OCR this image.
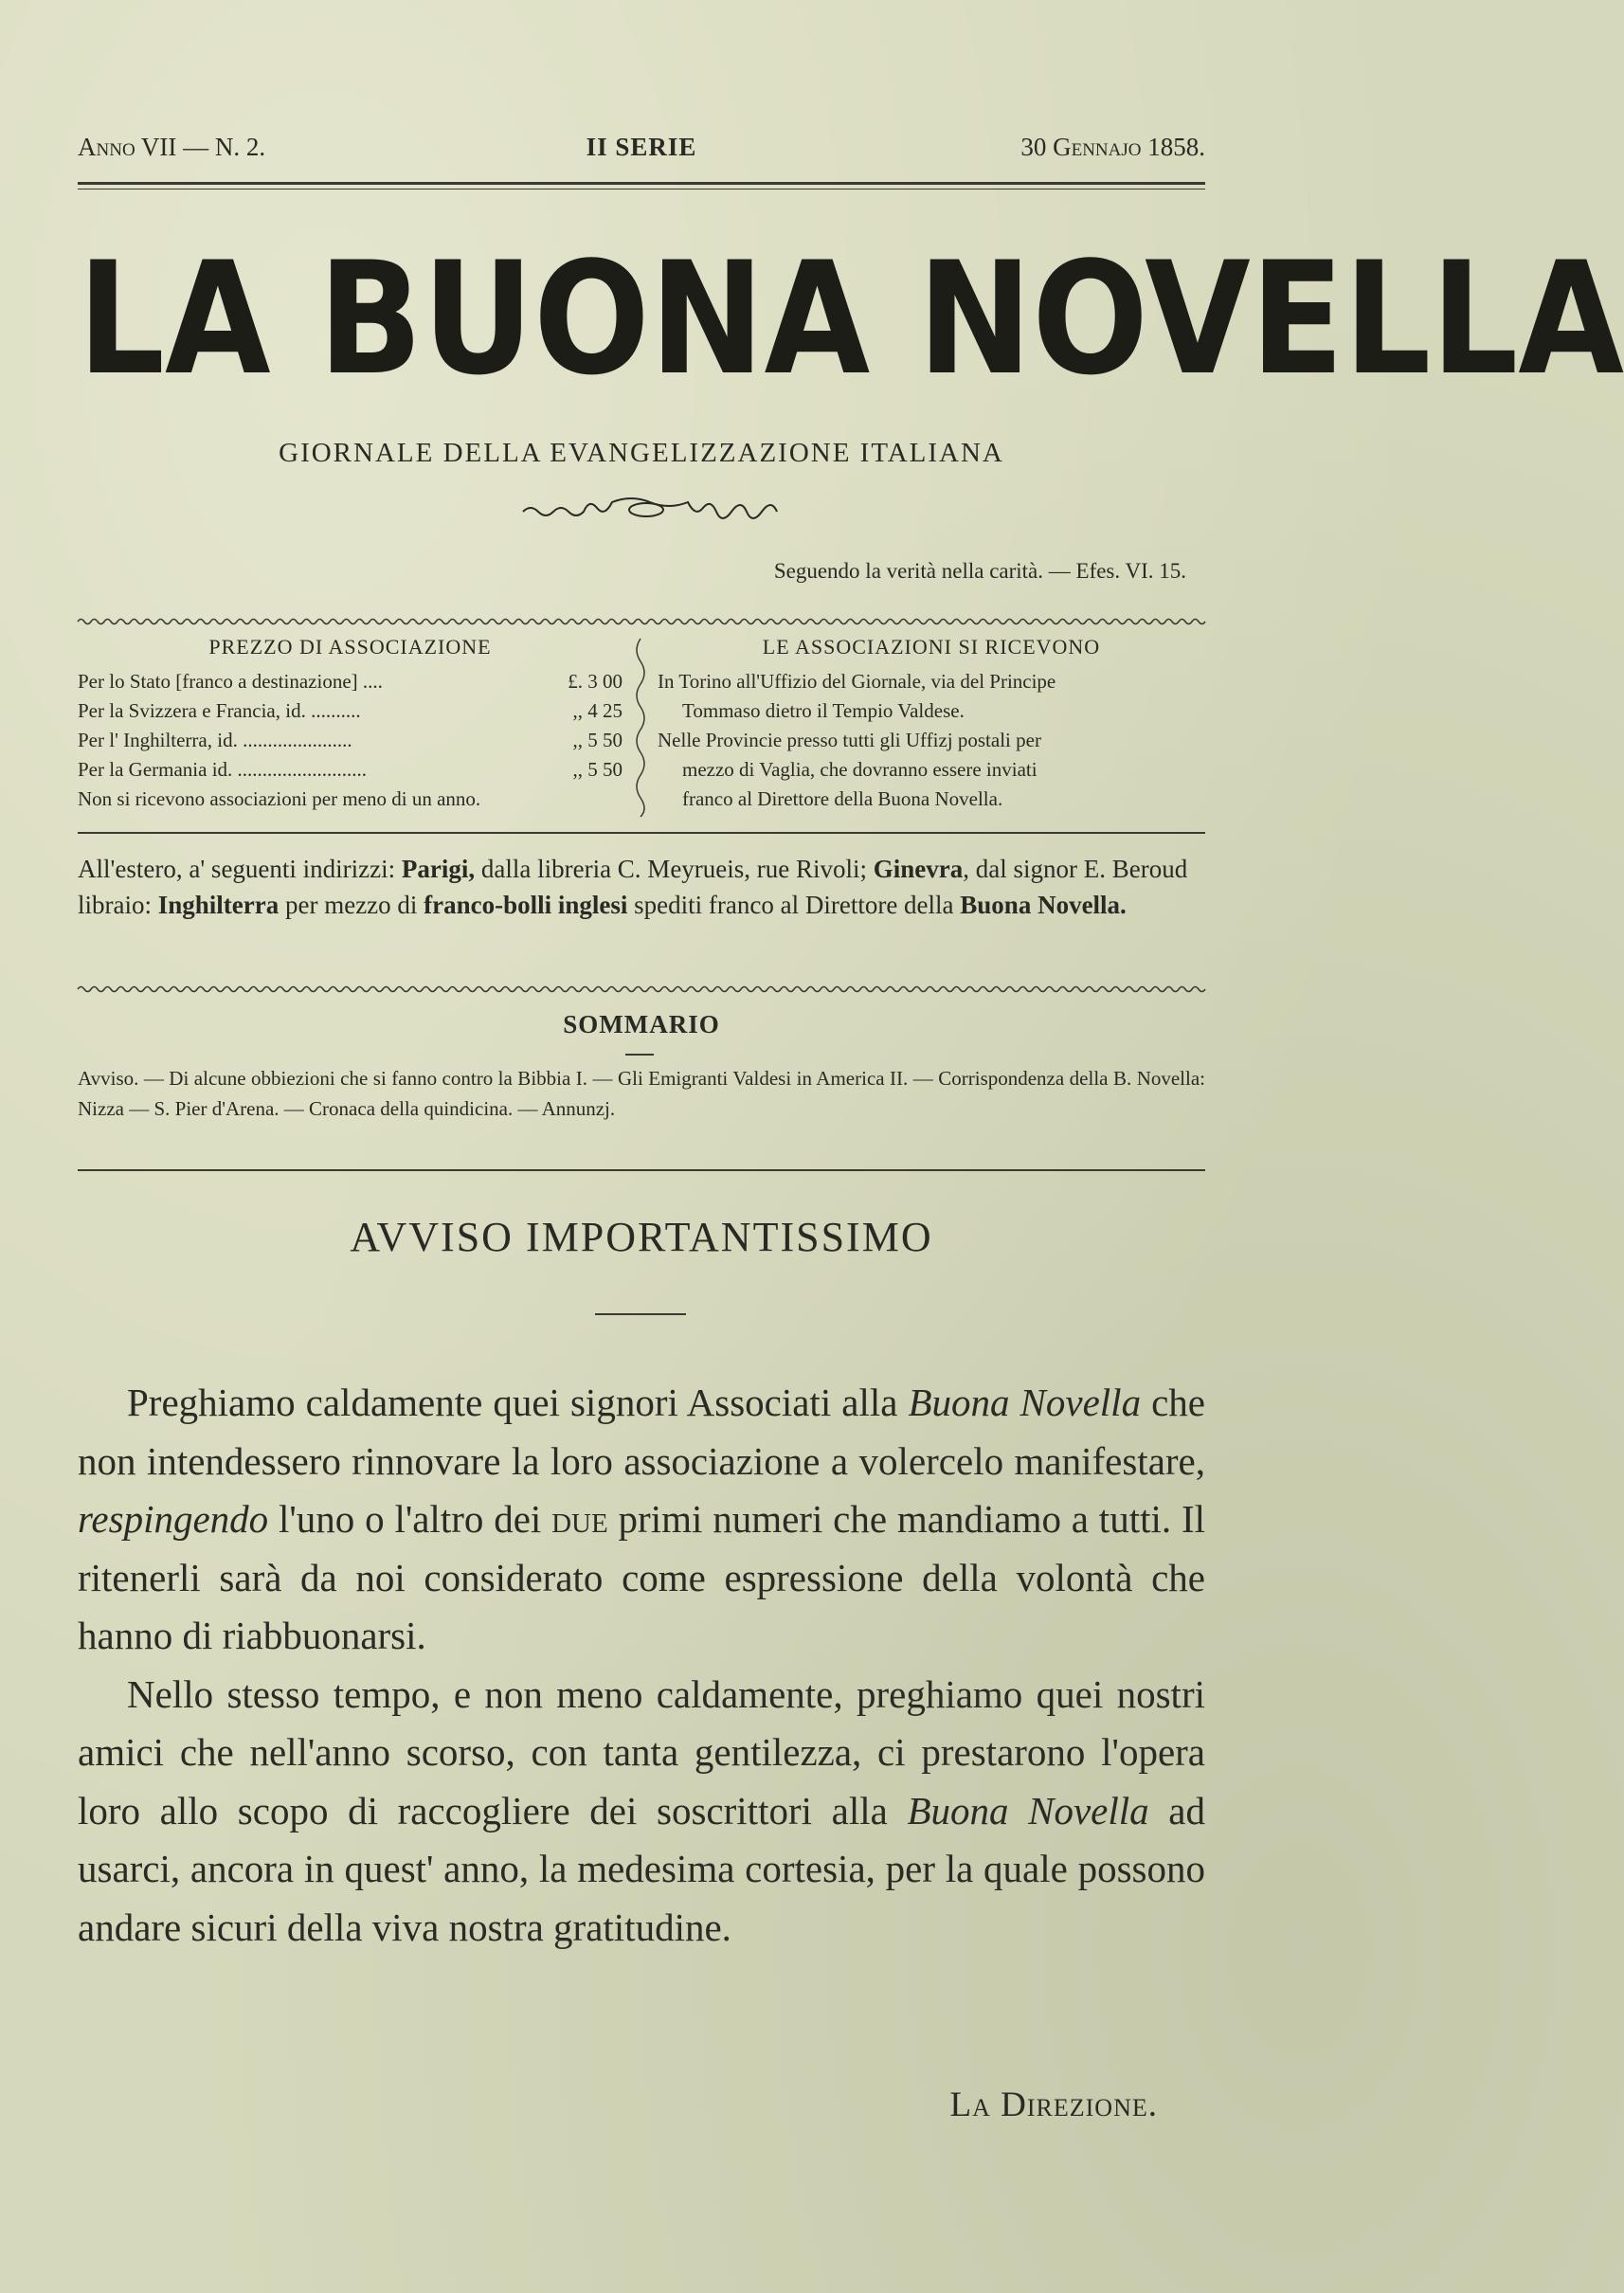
Anno VII — N. 2.	II SERIE	30 Gennajo 1858.
LA BUONA NOVELLA
GIORNALE DELLA EVANGELIZZAZIONE ITALIANA
Seguendo la verità nella carità. — Efes. VI. 15.
PREZZO DI ASSOCIAZIONE
Per lo Stato [franco a destinazione] ....	£. 3 00
Per la Svizzera e Francia, id. ..........	,, 4 25
Per l' Inghilterra, id. ......................	,, 5 50
Per la Germania id. ..........................	,, 5 50
Non si ricevono associazioni per meno di un anno.
LE ASSOCIAZIONI SI RICEVONO
In Torino all'Uffizio del Giornale, via del Principe
Tommaso dietro il Tempio Valdese.
Nelle Provincie presso tutti gli Uffizj postali per
mezzo di Vaglia, che dovranno essere inviati
franco al Direttore della Buona Novella.
All'estero, a' seguenti indirizzi: Parigi, dalla libreria C. Meyrueis, rue Rivoli; Ginevra, dal signor E. Beroud libraio: Inghilterra per mezzo di franco-bolli inglesi spediti franco al Direttore della Buona Novella.
SOMMARIO
Avviso. — Di alcune obbiezioni che si fanno contro la Bibbia I. — Gli Emigranti Valdesi in America II. — Corrispondenza della B. Novella: Nizza — S. Pier d'Arena. — Cronaca della quindicina. — Annunzj.
AVVISO IMPORTANTISSIMO

Preghiamo caldamente quei signori Associati alla Buona Novella che non intendessero rinnovare la loro associazione a volercelo manifestare, respingendo l'uno o l'altro dei due primi numeri che mandiamo a tutti. Il ritenerli sarà da noi considerato come espressione della volontà che hanno di riabbuonarsi.

Nello stesso tempo, e non meno caldamente, preghiamo quei nostri amici che nell'anno scorso, con tanta gentilezza, ci prestarono l'opera loro allo scopo di raccogliere dei soscrittori alla Buona Novella ad usarci, ancora in quest' anno, la medesima cortesia, per la quale possono andare sicuri della viva nostra gratitudine.

La Direzione.
